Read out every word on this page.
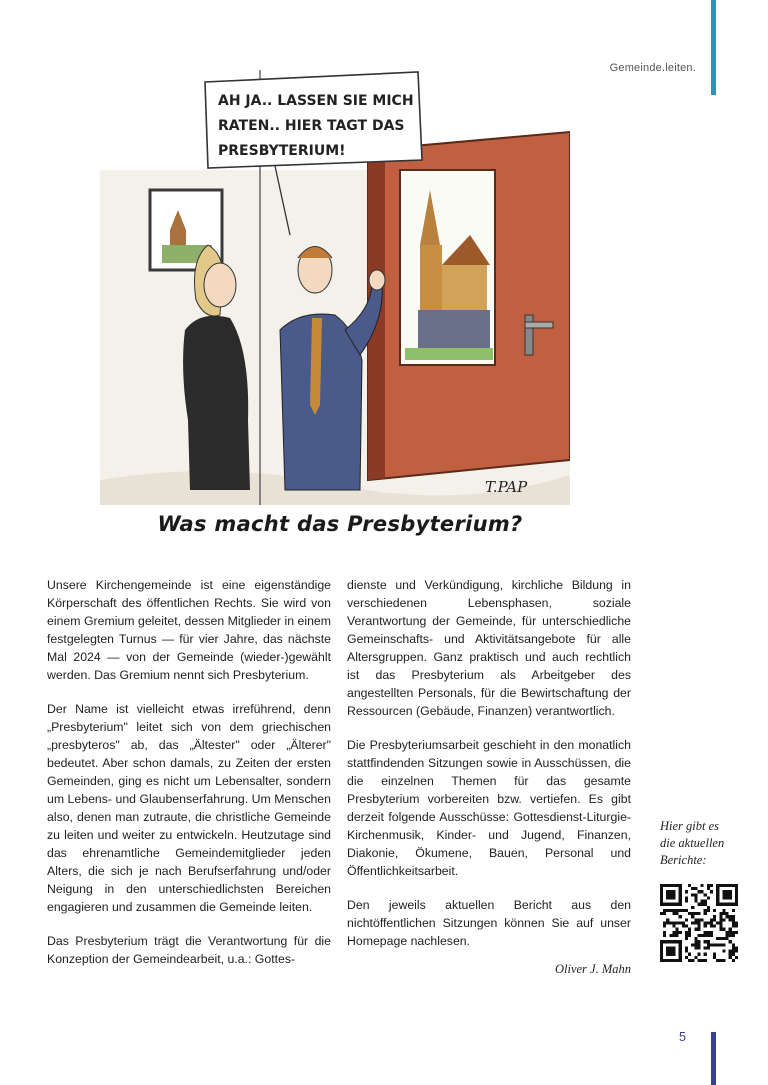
Gemeinde.leiten.
AH JA.. LASSEN SIE MICH
RATEN.. HIER TAGT DAS
PRESBYTERIUM!
T.PAP
Was macht das Presbyterium?

Unsere Kirchengemeinde ist eine eigenständige Körperschaft des öffentlichen Rechts. Sie wird von einem Gremium geleitet, dessen Mitglieder in einem festgelegten Turnus — für vier Jahre, das nächste Mal 2024 — von der Gemeinde (wieder-)gewählt werden. Das Gremium nennt sich Presbyterium.

Der Name ist vielleicht etwas irreführend, denn „Presbyterium" leitet sich von dem griechischen „presbyteros" ab, das „Ältester" oder „Älterer" bedeutet. Aber schon damals, zu Zeiten der ersten Gemeinden, ging es nicht um Lebensalter, sondern um Lebens- und Glaubenserfahrung. Um Menschen also, denen man zutraute, die christliche Gemeinde zu leiten und weiter zu entwickeln. Heutzutage sind das ehrenamtliche Gemeindemitglieder jeden Alters, die sich je nach Berufserfahrung und/oder Neigung in den unterschiedlichsten Bereichen engagieren und zusammen die Gemeinde leiten.

Das Presbyterium trägt die Verantwortung für die Konzeption der Gemeindearbeit, u.a.: Gottes-

dienste und Verkündigung, kirchliche Bildung in verschiedenen Lebensphasen, soziale Verantwortung der Gemeinde, für unterschiedliche Gemeinschafts- und Aktivitätsangebote für alle Altersgruppen. Ganz praktisch und auch rechtlich ist das Presbyterium als Arbeitgeber des angestellten Personals, für die Bewirtschaftung der Ressourcen (Gebäude, Finanzen) verantwortlich.

Die Presbyteriumsarbeit geschieht in den monatlich stattfindenden Sitzungen sowie in Ausschüssen, die die einzelnen Themen für das gesamte Presbyterium vorbereiten bzw. vertiefen. Es gibt derzeit folgende Ausschüsse: Gottesdienst-Liturgie-Kirchenmusik, Kinder- und Jugend, Finanzen, Diakonie, Ökumene, Bauen, Personal und Öffentlichkeitsarbeit.

Den jeweils aktuellen Bericht aus den nichtöffentlichen Sitzungen können Sie auf unser Homepage nachlesen.

Oliver J. Mahn
Hier gibt es
die aktuellen
Berichte:
5
